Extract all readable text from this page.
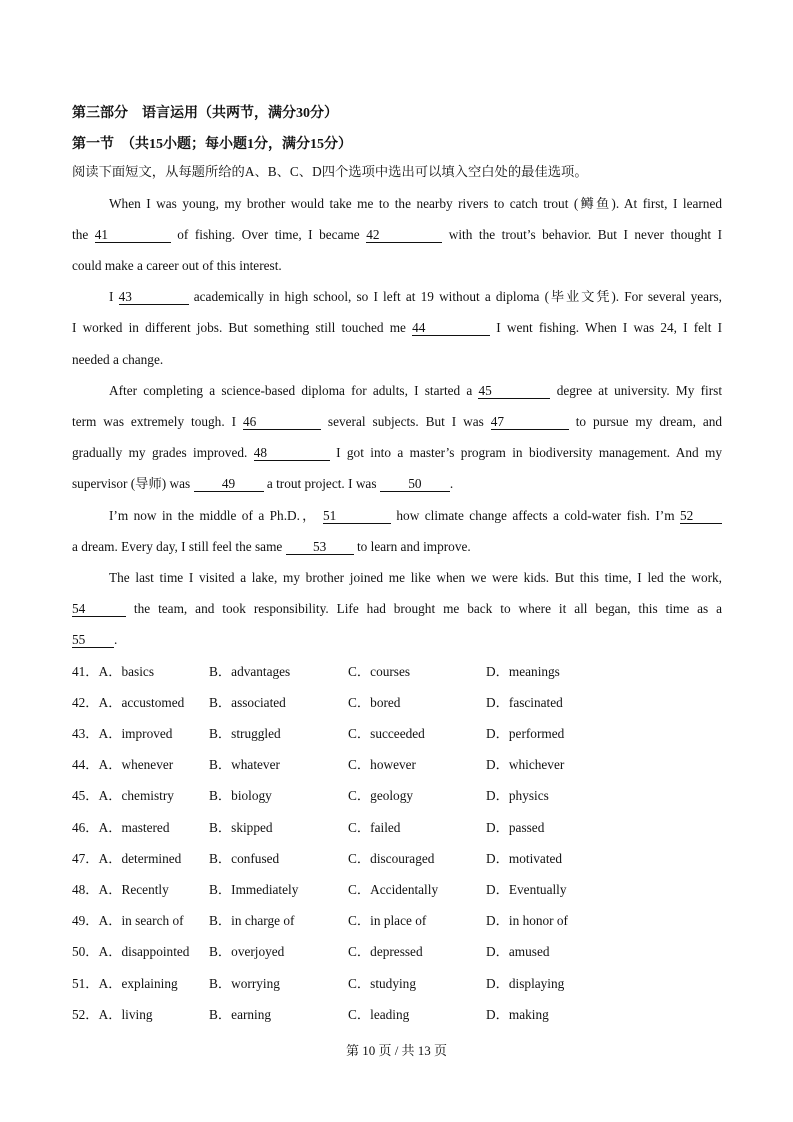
第三部分　语言运用（共两节，满分30分）
第一节　（共15小题；每小题1分，满分15分）
阅读下面短文，从每题所给的A、B、C、D四个选项中选出可以填入空白处的最佳选项。
When I was young, my brother would take me to the nearby rivers to catch trout (鳟鱼). At first, I learned
the 41	of fishing. Over time, I became 42	with the trout’s behavior. But I never thought I
could make a career out of this interest.
I 43	academically in high school, so I left at 19 without a diploma (毕业文凭). For several years,
I worked in different jobs. But something still touched me 44	I went fishing. When I was 24, I felt I
needed a change.
After completing a science-based diploma for adults, I started a 45	degree at university. My first
term was extremely tough. I 46	several subjects. But I was 47	to pursue my dream, and
gradually my grades improved. 48	I got into a master’s program in biodiversity management. And my
supervisor (导师) was 49 a trout project. I was 50 .
I’m now in the middle of a Ph.D.， 51	how climate change affects a cold-water fish. I’m 52
a dream. Every day, I still feel the same 53 to learn and improve.
The last time I visited a lake, my brother joined me like when we were kids. But this time, I led the work,
54	the team, and took responsibility. Life had brought me back to where it all began, this time as a
55 .
41．A．basics	B．advantages	C．courses	D．meanings
42．A．accustomed B．associated	C．bored	D．fascinated
43．A．improved	B．struggled	C．succeeded	D．performed
44．A．whenever	B．whatever	C．however	D．whichever
45．A．chemistry	B．biology	C．geology	D．physics
46．A．mastered	B．skipped	C．failed	D．passed
47．A．determined B．confused	C．discouraged	D．motivated
48．A．Recently	B．Immediately	C．Accidentally	D．Eventually
49．A．in search of B．in charge of	C．in place of	D．in honor of
50．A．disappointed B．overjoyed	C．depressed	D．amused
51．A．explaining B．worrying	C．studying	D．displaying
52．A．living	B．earning	C．leading	D．making
第 10 页 / 共 13 页
